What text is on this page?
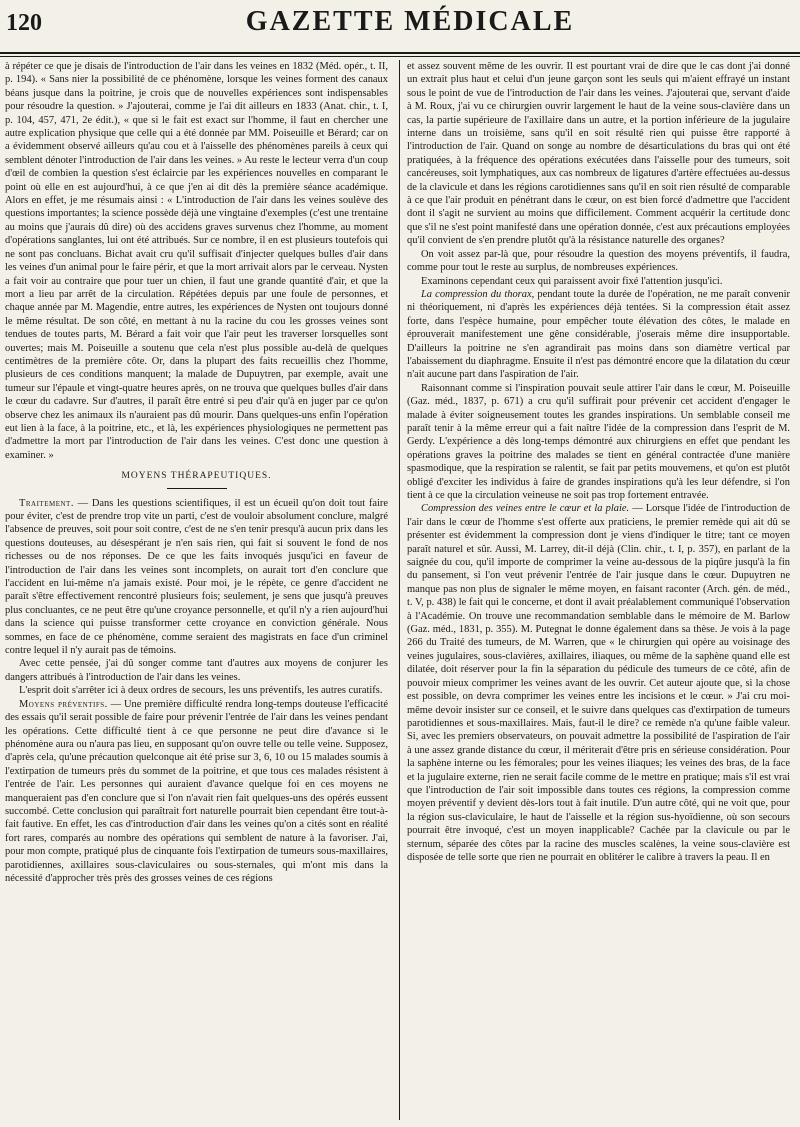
120	GAZETTE MÉDICALE

à répéter ce que je disais de l'introduction de l'air dans les veines en 1832 (Méd. opér., t. II, p. 194). « Sans nier la possibilité de ce phénomène, lorsque les veines forment des canaux béans jusque dans la poitrine, je crois que de nouvelles expériences sont indispensables pour résoudre la question. » J'ajouterai, comme je l'ai dit ailleurs en 1833 (Anat. chir., t. I, p. 104, 457, 471, 2e édit.), « que si le fait est exact sur l'homme, il faut en chercher une autre explication physique que celle qui a été donnée par MM. Poiseuille et Bérard; car on a évidemment observé ailleurs qu'au cou et à l'aisselle des phénomènes pareils à ceux qui semblent dénoter l'introduction de l'air dans les veines. » Au reste le lecteur verra d'un coup d'œil de combien la question s'est éclaircie par les expériences nouvelles en comparant le point où elle en est aujourd'hui, à ce que j'en ai dit dès la première séance académique. Alors en effet, je me résumais ainsi : « L'introduction de l'air dans les veines soulève des questions importantes; la science possède déjà une vingtaine d'exemples (c'est une trentaine au moins que j'aurais dû dire) où des accidens graves survenus chez l'homme, au moment d'opérations sanglantes, lui ont été attribués. Sur ce nombre, il en est plusieurs toutefois qui ne sont pas concluans. Bichat avait cru qu'il suffisait d'injecter quelques bulles d'air dans les veines d'un animal pour le faire périr, et que la mort arrivait alors par le cerveau. Nysten a fait voir au contraire que pour tuer un chien, il faut une grande quantité d'air, et que la mort a lieu par arrêt de la circulation. Répétées depuis par une foule de personnes, et chaque année par M. Magendie, entre autres, les expériences de Nysten ont toujours donné le même résultat. De son côté, en mettant à nu la racine du cou les grosses veines sont tendues de toutes parts, M. Bérard a fait voir que l'air peut les traverser lorsquelles sont ouvertes; mais M. Poiseuille a soutenu que cela n'est plus possible au-delà de quelques centimètres de la première côte. Or, dans la plupart des faits recueillis chez l'homme, plusieurs de ces conditions manquent; la malade de Dupuytren, par exemple, avait une tumeur sur l'épaule et vingt-quatre heures après, on ne trouva que quelques bulles d'air dans le cœur du cadavre. Sur d'autres, il paraît être entré si peu d'air qu'à en juger par ce qu'on observe chez les animaux ils n'auraient pas dû mourir. Dans quelques-uns enfin l'opération eut lien à la face, à la poitrine, etc., et là, les expériences physiologiques ne permettent pas d'admettre la mort par l'introduction de l'air dans les veines. C'est donc une question à examiner. »

MOYENS THÉRAPEUTIQUES.

Traitement. — Dans les questions scientifiques, il est un écueil qu'on doit tout faire pour éviter, c'est de prendre trop vite un parti, c'est de vouloir absolument conclure, malgré l'absence de preuves, soit pour soit contre, c'est de ne s'en tenir presqu'à aucun prix dans les questions douteuses, au désespérant je n'en sais rien, qui fait si souvent le fond de nos richesses ou de nos réponses. De ce que les faits invoqués jusqu'ici en faveur de l'introduction de l'air dans les veines sont incomplets, on aurait tort d'en conclure que l'accident en lui-même n'a jamais existé. Pour moi, je le répète, ce genre d'accident ne paraît s'être effectivement rencontré plusieurs fois; seulement, je sens que jusqu'à preuves plus concluantes, ce ne peut être qu'une croyance personnelle, et qu'il n'y a rien aujourd'hui dans la science qui puisse transformer cette croyance en conviction générale. Nous sommes, en face de ce phénomène, comme seraient des magistrats en face d'un criminel contre lequel il n'y aurait pas de témoins.

Avec cette pensée, j'ai dû songer comme tant d'autres aux moyens de conjurer les dangers attribués à l'introduction de l'air dans les veines.

L'esprit doit s'arrêter ici à deux ordres de secours, les uns préventifs, les autres curatifs.

Moyens préventifs. — Une première difficulté rendra long-temps douteuse l'efficacité des essais qu'il serait possible de faire pour prévenir l'entrée de l'air dans les veines pendant les opérations. Cette difficulté tient à ce que personne ne peut dire d'avance si le phénomène aura ou n'aura pas lieu, en supposant qu'on ouvre telle ou telle veine. Supposez, d'après cela, qu'une précaution quelconque ait été prise sur 3, 6, 10 ou 15 malades soumis à l'extirpation de tumeurs près du sommet de la poitrine, et que tous ces malades résistent à l'entrée de l'air. Les personnes qui auraient d'avance quelque foi en ces moyens ne manqueraient pas d'en conclure que si l'on n'avait rien fait quelques-uns des opérés eussent succombé. Cette conclusion qui paraîtrait fort naturelle pourrait bien cependant être tout-à-fait fautive. En effet, les cas d'introduction d'air dans les veines qu'on a cités sont en réalité fort rares, comparés au nombre des opérations qui semblent de nature à la favoriser. J'ai, pour mon compte, pratiqué plus de cinquante fois l'extirpation de tumeurs sous-maxillaires, parotidiennes, axillaires sous-claviculaires ou sous-sternales, qui m'ont mis dans la nécessité d'approcher très près des grosses veines de ces régions

et assez souvent même de les ouvrir. Il est pourtant vrai de dire que le cas dont j'ai donné un extrait plus haut et celui d'un jeune garçon sont les seuls qui m'aient effrayé un instant sous le point de vue de l'introduction de l'air dans les veines. J'ajouterai que, servant d'aide à M. Roux, j'ai vu ce chirurgien ouvrir largement le haut de la veine sous-clavière dans un cas, la partie supérieure de l'axillaire dans un autre, et la portion inférieure de la jugulaire interne dans un troisième, sans qu'il en soit résulté rien qui puisse être rapporté à l'introduction de l'air. Quand on songe au nombre de désarticulations du bras qui ont été pratiquées, à la fréquence des opérations exécutées dans l'aisselle pour des tumeurs, soit cancéreuses, soit lymphatiques, aux cas nombreux de ligatures d'artère effectuées au-dessus de la clavicule et dans les régions carotidiennes sans qu'il en soit rien résulté de comparable à ce que l'air produit en pénétrant dans le cœur, on est bien forcé d'admettre que l'accident dont il s'agit ne survient au moins que difficilement. Comment acquérir la certitude donc que s'il ne s'est point manifesté dans une opération donnée, c'est aux précautions employées qu'il convient de s'en prendre plutôt qu'à la résistance naturelle des organes?

On voit assez par-là que, pour résoudre la question des moyens préventifs, il faudra, comme pour tout le reste au surplus, de nombreuses expériences.

Examinons cependant ceux qui paraissent avoir fixé l'attention jusqu'ici.

La compression du thorax, pendant toute la durée de l'opération, ne me paraît convenir ni théoriquement, ni d'après les expériences déjà tentées. Si la compression était assez forte, dans l'espèce humaine, pour empêcher toute élévation des côtes, le malade en éprouverait manifestement une gêne considérable, j'oserais même dire insupportable. D'ailleurs la poitrine ne s'en agrandirait pas moins dans son diamètre vertical par l'abaissement du diaphragme. Ensuite il n'est pas démontré encore que la dilatation du cœur n'ait aucune part dans l'aspiration de l'air.

Raisonnant comme si l'inspiration pouvait seule attirer l'air dans le cœur, M. Poiseuille (Gaz. méd., 1837, p. 671) a cru qu'il suffirait pour prévenir cet accident d'engager le malade à éviter soigneusement toutes les grandes inspirations. Un semblable conseil me paraît tenir à la même erreur qui a fait naître l'idée de la compression dans l'esprit de M. Gerdy. L'expérience a dès long-temps démontré aux chirurgiens en effet que pendant les opérations graves la poitrine des malades se tient en général contractée d'une manière spasmodique, que la respiration se ralentit, se fait par petits mouvemens, et qu'on est plutôt obligé d'exciter les individus à faire de grandes inspirations qu'à les leur défendre, si l'on tient à ce que la circulation veineuse ne soit pas trop fortement entravée.

Compression des veines entre le cœur et la plaie. — Lorsque l'idée de l'introduction de l'air dans le cœur de l'homme s'est offerte aux praticiens, le premier remède qui ait dû se présenter est évidemment la compression dont je viens d'indiquer le titre; tant ce moyen paraît naturel et sûr. Aussi, M. Larrey, dit-il déjà (Clin. chir., t. I, p. 357), en parlant de la saignée du cou, qu'il importe de comprimer la veine au-dessous de la piqûre jusqu'à la fin du pansement, si l'on veut prévenir l'entrée de l'air jusque dans le cœur. Dupuytren ne manque pas non plus de signaler le même moyen, en faisant raconter (Arch. gén. de méd., t. V, p. 438) le fait qui le concerne, et dont il avait préalablement communiqué l'observation à l'Académie. On trouve une recommandation semblable dans le mémoire de M. Barlow (Gaz. méd., 1831, p. 355). M. Putegnat le donne également dans sa thèse. Je vois à la page 266 du Traité des tumeurs, de M. Warren, que « le chirurgien qui opère au voisinage des veines jugulaires, sous-clavières, axillaires, iliaques, ou même de la saphène quand elle est dilatée, doit réserver pour la fin la séparation du pédicule des tumeurs de ce côté, afin de pouvoir mieux comprimer les veines avant de les ouvrir. Cet auteur ajoute que, si la chose est possible, on devra comprimer les veines entre les incisions et le cœur. » J'ai cru moi-même devoir insister sur ce conseil, et le suivre dans quelques cas d'extirpation de tumeurs parotidiennes et sous-maxillaires. Mais, faut-il le dire? ce remède n'a qu'une faible valeur. Si, avec les premiers observateurs, on pouvait admettre la possibilité de l'aspiration de l'air à une assez grande distance du cœur, il mériterait d'être pris en sérieuse considération. Pour la saphène interne ou les fémorales; pour les veines iliaques; les veines des bras, de la face et la jugulaire externe, rien ne serait facile comme de le mettre en pratique; mais s'il est vrai que l'introduction de l'air soit impossible dans toutes ces régions, la compression comme moyen préventif y devient dès-lors tout à fait inutile. D'un autre côté, qui ne voit que, pour la région sus-claviculaire, le haut de l'aisselle et la région sus-hyoïdienne, où son secours pourrait être invoqué, c'est un moyen inapplicable? Cachée par la clavicule ou par le sternum, séparée des côtes par la racine des muscles scalènes, la veine sous-clavière est disposée de telle sorte que rien ne pourrait en oblitérer le calibre à travers la peau. Il en
